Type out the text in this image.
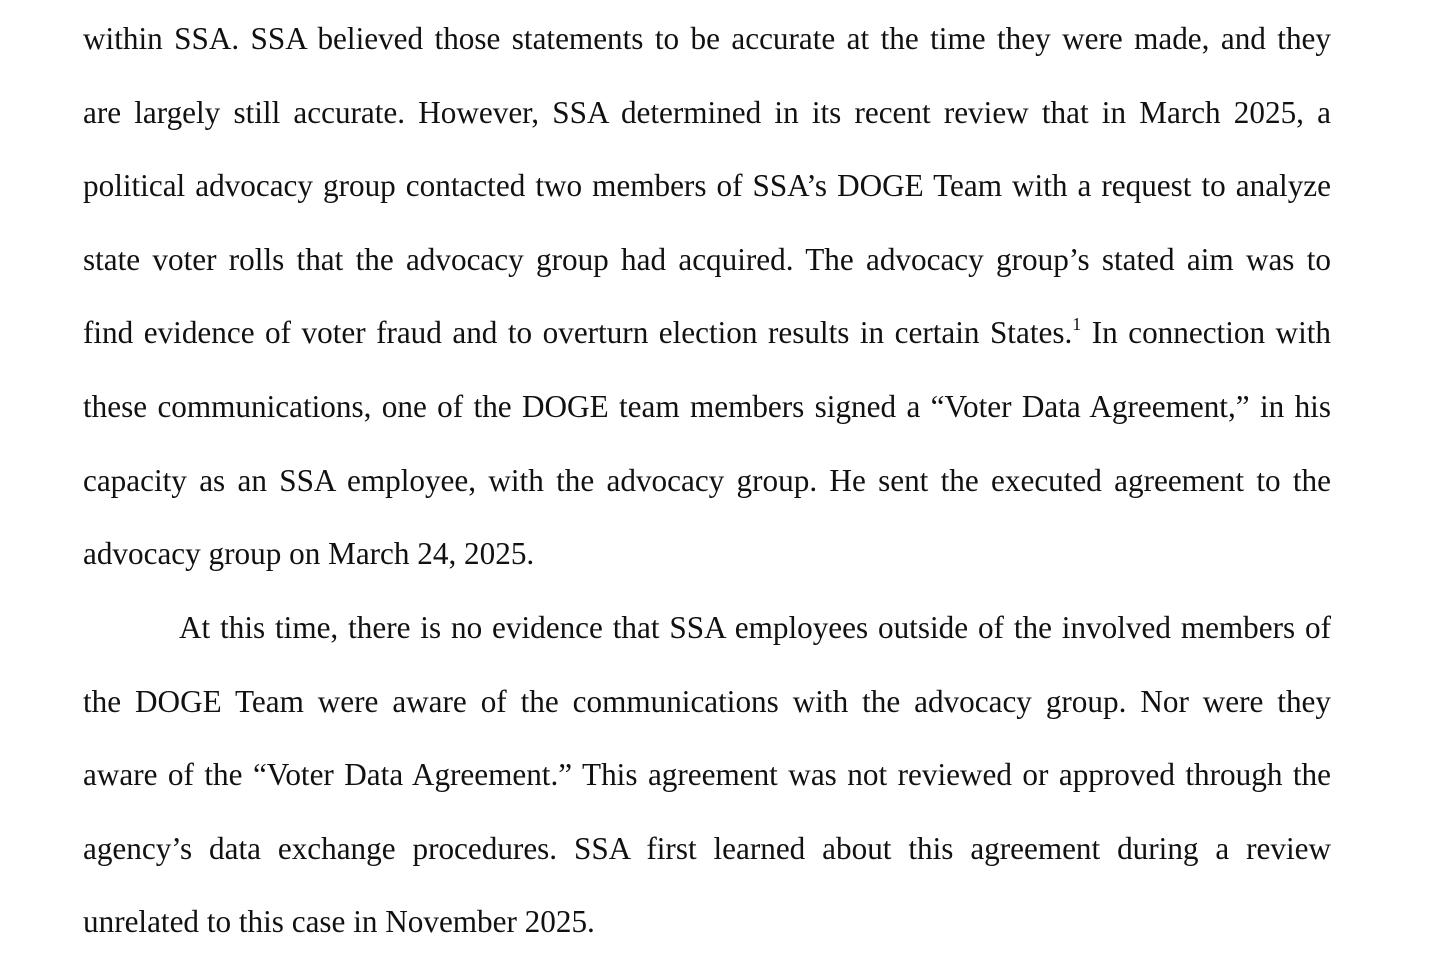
within SSA. SSA believed those statements to be accurate at the time they were made, and they
are largely still accurate. However, SSA determined in its recent review that in March 2025, a
political advocacy group contacted two members of SSA’s DOGE Team with a request to analyze
state voter rolls that the advocacy group had acquired. The advocacy group’s stated aim was to
find evidence of voter fraud and to overturn election results in certain States.$^1$ In connection with
these communications, one of the DOGE team members signed a “Voter Data Agreement,” in his
capacity as an SSA employee, with the advocacy group. He sent the executed agreement to the
advocacy group on March 24, 2025.
At this time, there is no evidence that SSA employees outside of the involved members of
the DOGE Team were aware of the communications with the advocacy group. Nor were they
aware of the “Voter Data Agreement.” This agreement was not reviewed or approved through the
agency’s data exchange procedures. SSA first learned about this agreement during a review
unrelated to this case in November 2025.
